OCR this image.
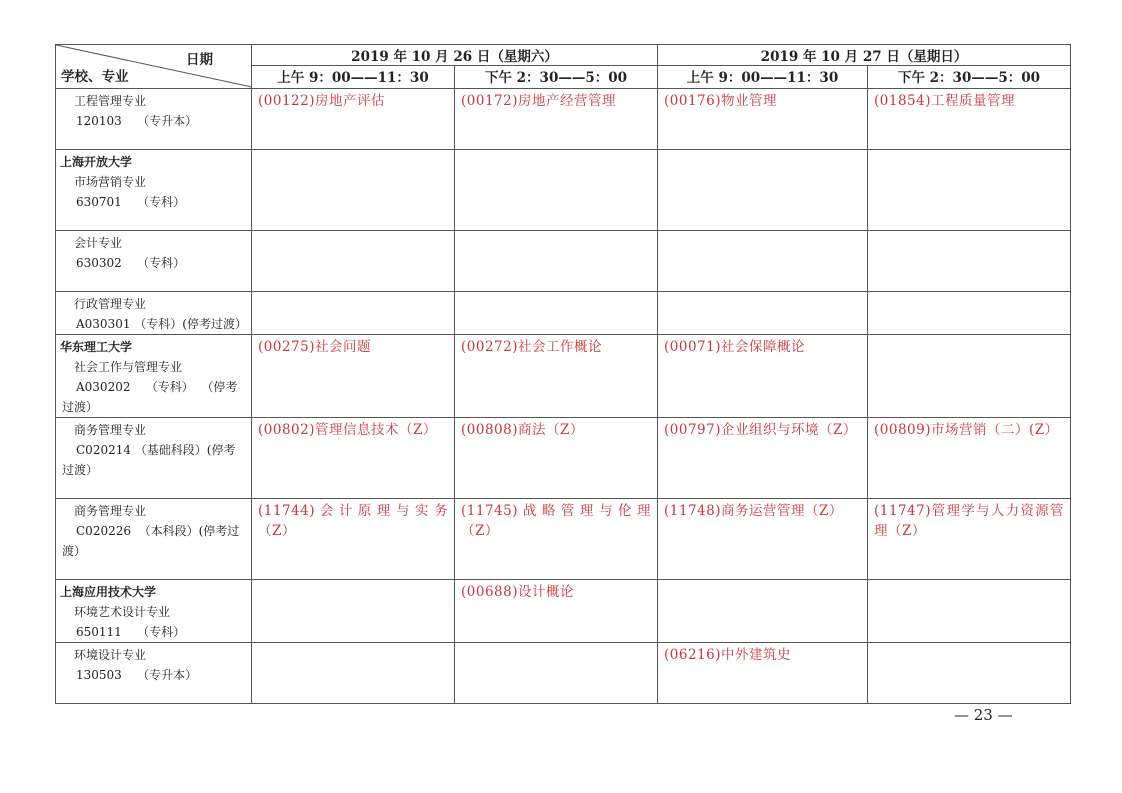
日期
学校、专业	2019 年 10 月 26 日（星期六）		2019 年 10 月 27 日（星期日）	
	上午 9：00——11：30	下午 2：30——5：00	上午 9：00——11：30	下午 2：30——5：00

工程管理专业
120103    （专升本）	(00122)房地产评估	(00172)房地产经营管理	(00176)物业管理	(01854)工程质量管理

上海开放大学
市场营销专业
630701    （专科）				

会计专业
630302    （专科）				

行政管理专业
A030301 （专科）(停考过渡）				

华东理工大学
社会工作与管理专业
A030202    （专科）  （停考
过渡）	(00275)社会问题	(00272)社会工作概论	(00071)社会保障概论	

商务管理专业
C020214 （基础科段）(停考
过渡）	(00802)管理信息技术（Z）	(00808)商法（Z）	(00797)企业组织与环境（Z）	(00809)市场营销（二）(Z）

商务管理专业
C020226  （本科段）(停考过
渡）	(11744) 会 计 原 理 与 实 务（Z）	(11745) 战 略 管 理 与 伦 理（Z）	(11748)商务运营管理（Z）	(11747)管理学与人力资源管理（Z）

上海应用技术大学
环境艺术设计专业
650111    （专科）		(00688)设计概论		

环境设计专业
130503    （专升本）			(06216)中外建筑史	
— 23 —
